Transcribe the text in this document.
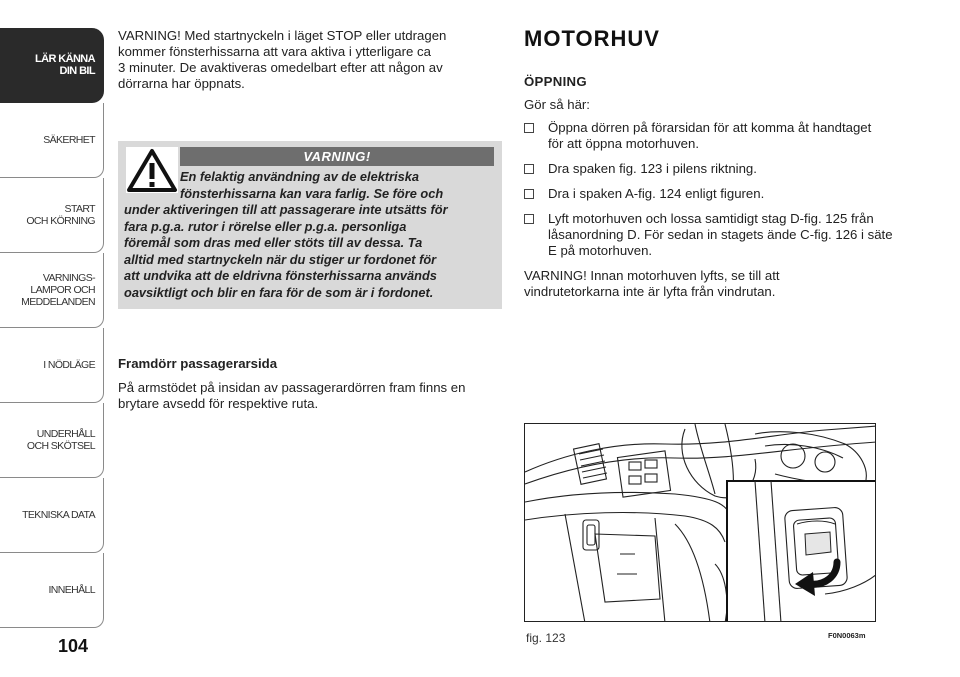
LÄR KÄNNA
DIN BIL
SÄKERHET
START
OCH KÖRNING
VARNINGS-
LAMPOR OCH
MEDDELANDEN
I NÖDLÄGE
UNDERHÅLL
OCH SKÖTSEL
TEKNISKA DATA
INNEHÅLL
104
VARNING! Med startnyckeln i läget STOP eller utdragen
kommer fönsterhissarna att vara aktiva i ytterligare ca
3 minuter. De avaktiveras omedelbart efter att någon av
dörrarna har öppnats.
VARNING!
En felaktig användning av de elektriska
fönsterhissarna kan vara farlig. Se före och
under aktiveringen till att passagerare inte utsätts för
fara p.g.a. rutor i rörelse eller p.g.a. personliga
föremål som dras med eller stöts till av dessa. Ta
alltid med startnyckeln när du stiger ur fordonet för
att undvika att de eldrivna fönsterhissarna används
oavsiktligt och blir en fara för de som är i fordonet.
Framdörr passagerarsida
På armstödet på insidan av passagerardörren fram finns en
brytare avsedd för respektive ruta.
MOTORHUV
ÖPPNING
Gör så här:
Öppna dörren på förarsidan för att komma åt handtaget
för att öppna motorhuven.
Dra spaken fig. 123 i pilens riktning.
Dra i spaken A-fig. 124 enligt figuren.
Lyft motorhuven och lossa samtidigt stag D-fig. 125 från
låsanordning D. För sedan in stagets ände C-fig. 126 i säte
E på motorhuven.
VARNING! Innan motorhuven lyfts, se till att
vindrutetorkarna inte är lyfta från vindrutan.
fig. 123	F0N0063m
